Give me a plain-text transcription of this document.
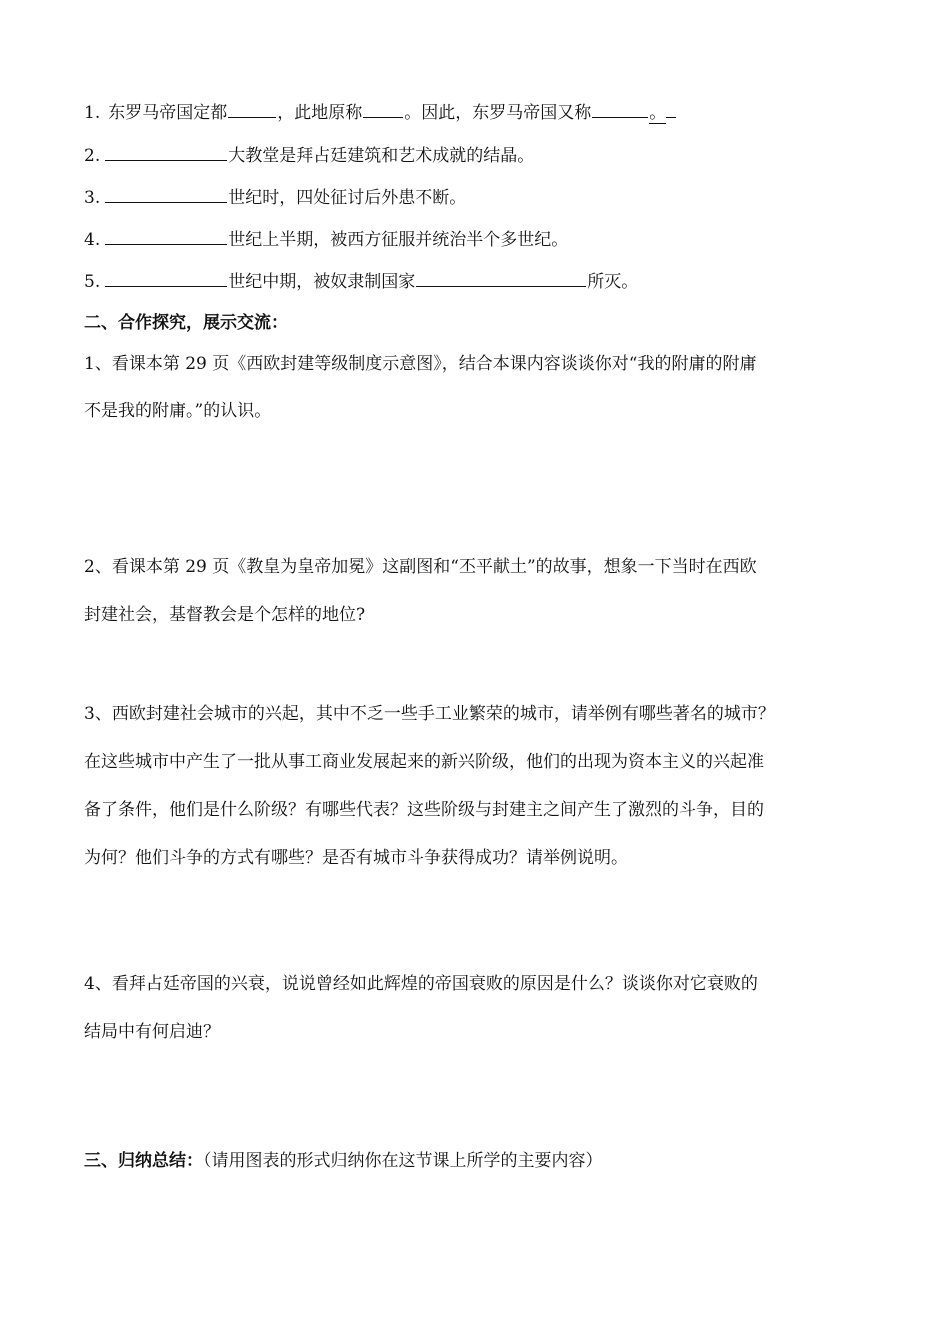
1. 东罗马帝国定都	，此地原称 。因此，东罗马帝国又称	。
2.	大教堂是拜占廷建筑和艺术成就的结晶。
3.	世纪时，四处征讨后外患不断。
4.	世纪上半期，被西方征服并统治半个多世纪。
5.	世纪中期，被奴隶制国家	所灭。
二、合作探究，展示交流：
1、看课本第 29 页《西欧封建等级制度示意图》，结合本课内容谈谈你对“我的附庸的附庸
不是我的附庸。”的认识。
2、看课本第 29 页《教皇为皇帝加冕》这副图和“丕平献土”的故事，想象一下当时在西欧
封建社会，基督教会是个怎样的地位?
3、西欧封建社会城市的兴起，其中不乏一些手工业繁荣的城市，请举例有哪些著名的城市？
在这些城市中产生了一批从事工商业发展起来的新兴阶级，他们的出现为资本主义的兴起准
备了条件，他们是什么阶级？有哪些代表？这些阶级与封建主之间产生了激烈的斗争，目的
为何？他们斗争的方式有哪些？是否有城市斗争获得成功？请举例说明。
4、看拜占廷帝国的兴衰，说说曾经如此辉煌的帝国衰败的原因是什么？谈谈你对它衰败的
结局中有何启迪？
三、归纳总结：（请用图表的形式归纳你在这节课上所学的主要内容）
